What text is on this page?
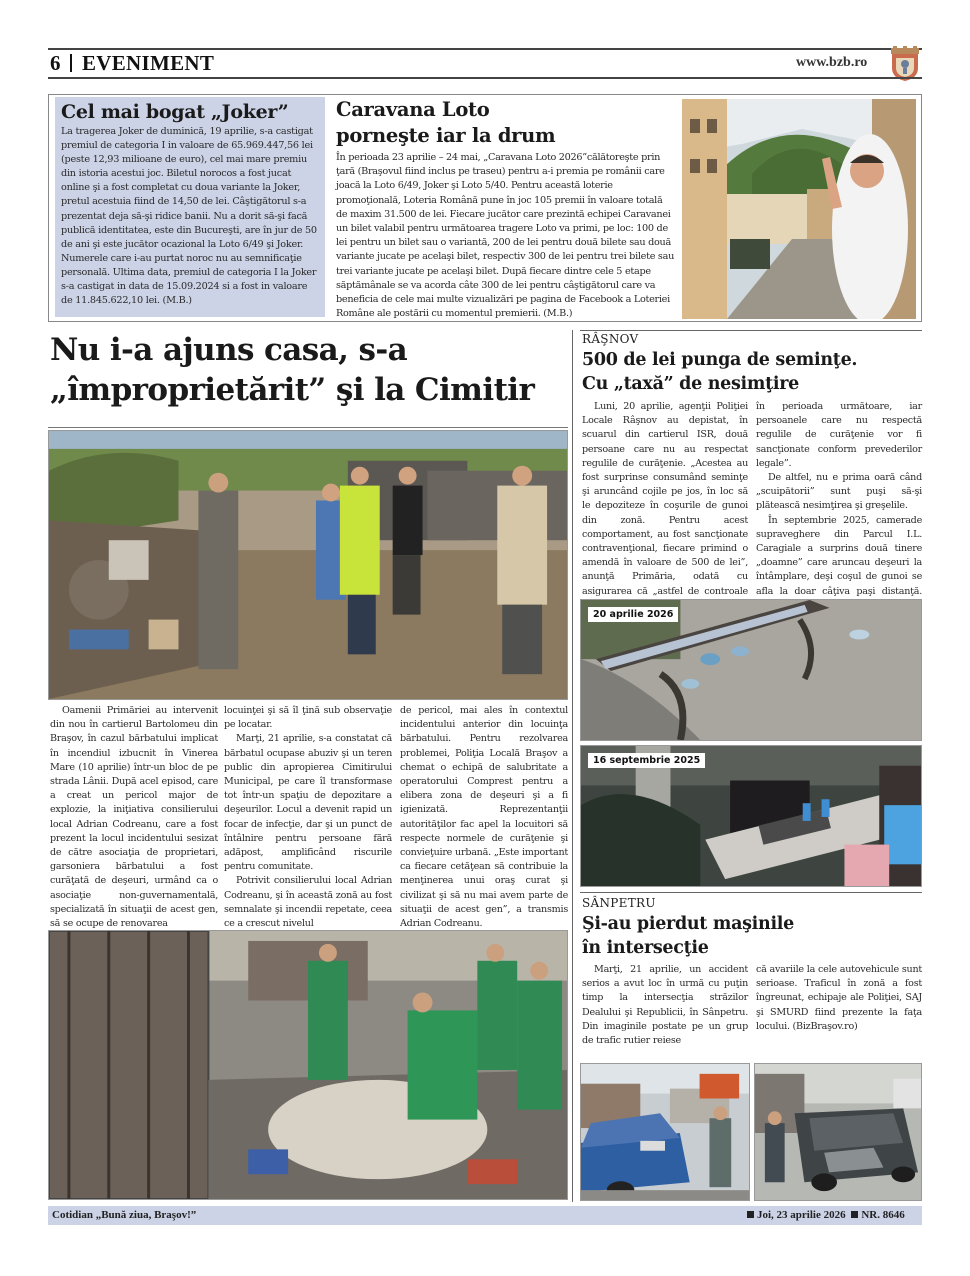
6 EVENIMENT	www.bzb.ro
Cel mai bogat „Joker”

La tragerea Joker de duminică, 19 aprilie, s-a castigat premiul de categoria I in valoare de 65.969.447,56 lei (peste 12,93 milioane de euro), cel mai mare premiu din istoria acestui joc. Biletul norocos a fost jucat online şi a fost completat cu doua variante la Joker, pretul acestuia fiind de 14,50 de lei. Câştigătorul s-a prezentat deja să-şi ridice banii. Nu a dorit să-şi facă publică identitatea, este din Bucureşti, are în jur de 50 de ani şi este jucător ocazional la Loto 6/49 şi Joker. Numerele care i-au purtat noroc nu au semnificaţie personală. Ultima data, premiul de categoria I la Joker s-a castigat in data de 15.09.2024 si a fost in valoare de 11.845.622,10 lei. (M.B.)

Caravana Loto
porneşte iar la drum

În perioada 23 aprilie – 24 mai, „Caravana Loto 2026”călătoreşte prin ţară (Braşovul fiind inclus pe traseu) pentru a-i premia pe românii care joacă la Loto 6/49, Joker şi Loto 5/40. Pentru această loterie promoţională, Loteria Română pune în joc 105 premii în valoare totală de maxim 31.500 de lei. Fiecare jucător care prezintă echipei Caravanei un bilet valabil pentru următoarea tragere Loto va primi, pe loc: 100 de lei pentru un bilet sau o variantă, 200 de lei pentru două bilete sau două variante jucate pe acelaşi bilet, respectiv 300 de lei pentru trei bilete sau trei variante jucate pe acelaşi bilet. După fiecare dintre cele 5 etape săptămânale se va acorda câte 300 de lei pentru câştigătorul care va beneficia de cele mai multe vizualizări pe pagina de Facebook a Loteriei Române ale postării cu momentul premierii. (M.B.)

Nu i-a ajuns casa, s-a
„împroprietărit” şi la Cimitir

Oamenii Primăriei au intervenit din nou în cartierul Bartolomeu din Braşov, în cazul bărbatului implicat în incendiul izbucnit în Vinerea Mare (10 aprilie) într-un bloc de pe strada Lânii. După acel episod, care a creat un pericol major de explozie, la iniţiativa consilierului local Adrian Codreanu, care a fost prezent la locul incidentului sesizat de către asociaţia de proprietari, garsoniera bărbatului a fost curăţată de deşeuri, urmând ca o asociaţie non-guvernamentală, specializată în situaţii de acest gen, să se ocupe de renovarea

locuinţei şi să îl ţină sub observaţie pe locatar.

Marţi, 21 aprilie, s-a constatat că bărbatul ocupase abuziv şi un teren public din apropierea Cimitirului Municipal, pe care îl transformase tot într-un spaţiu de depozitare a deşeurilor. Locul a devenit rapid un focar de infecţie, dar şi un punct de întâlnire pentru persoane fără adăpost, amplificând riscurile pentru comunitate.

Potrivit consilierului local Adrian Codreanu, şi în această zonă au fost semnalate şi incendii repetate, ceea ce a crescut nivelul

de pericol, mai ales în contextul incidentului anterior din locuinţa bărbatului. Pentru rezolvarea problemei, Poliţia Locală Braşov a chemat o echipă de salubritate a operatorului Comprest pentru a elibera zona de deşeuri şi a fi igienizată. Reprezentanţii autorităţilor fac apel la locuitori să respecte normele de curăţenie şi convieţuire urbană. „Este important ca fiecare cetăţean să contribuie la menţinerea unui oraş curat şi civilizat şi să nu mai avem parte de situaţii de acest gen”, a transmis Adrian Codreanu.

RÂŞNOV
500 de lei punga de seminţe.
Cu „taxă” de nesimţire

Luni, 20 aprilie, agenţii Poliţiei Locale Râşnov au depistat, în scuarul din cartierul ISR, două persoane care nu au respectat regulile de curăţenie. „Acestea au fost surprinse consumând seminţe şi aruncând cojile pe jos, în loc să le depoziteze în coşurile de gunoi din zonă. Pentru acest comportament, au fost sancţionate contravenţional, fiecare primind o amendă în valoare de 500 de lei”, anunţă Primăria, odată cu asigurarea că „astfel de controale

în perioada următoare, iar persoanele care nu respectă regulile de curăţenie vor fi sancţionate conform prevederilor legale”.

De altfel, nu e prima oară când „scuipătorii” sunt puşi să-şi plătească nesimţirea şi greşelile.

În septembrie 2025, camerade supraveghere din Parcul I.L. Caragiale a surprins două tinere „doamne” care aruncau deşeuri la întâmplare, deşi coşul de gunoi se afla la doar câţiva paşi distanţă.

20 aprilie 2026
16 septembrie 2025
SÂNPETRU
Şi-au pierdut maşinile
în intersecţie

Marţi, 21 aprilie, un accident serios a avut loc în urmă cu puţin timp la intersecţia străzilor Dealului şi Republicii, în Sânpetru. Din imaginile postate pe un grup de trafic rutier reiese

că avariile la cele autovehicule sunt serioase. Traficul în zonă a fost îngreunat, echipaje ale Poliţiei, SAJ şi SMURD fiind prezente la faţa locului. (BizBraşov.ro)

Cotidian „Bună ziua, Braşov!”	Joi, 23 aprilie 2026 NR. 8646
